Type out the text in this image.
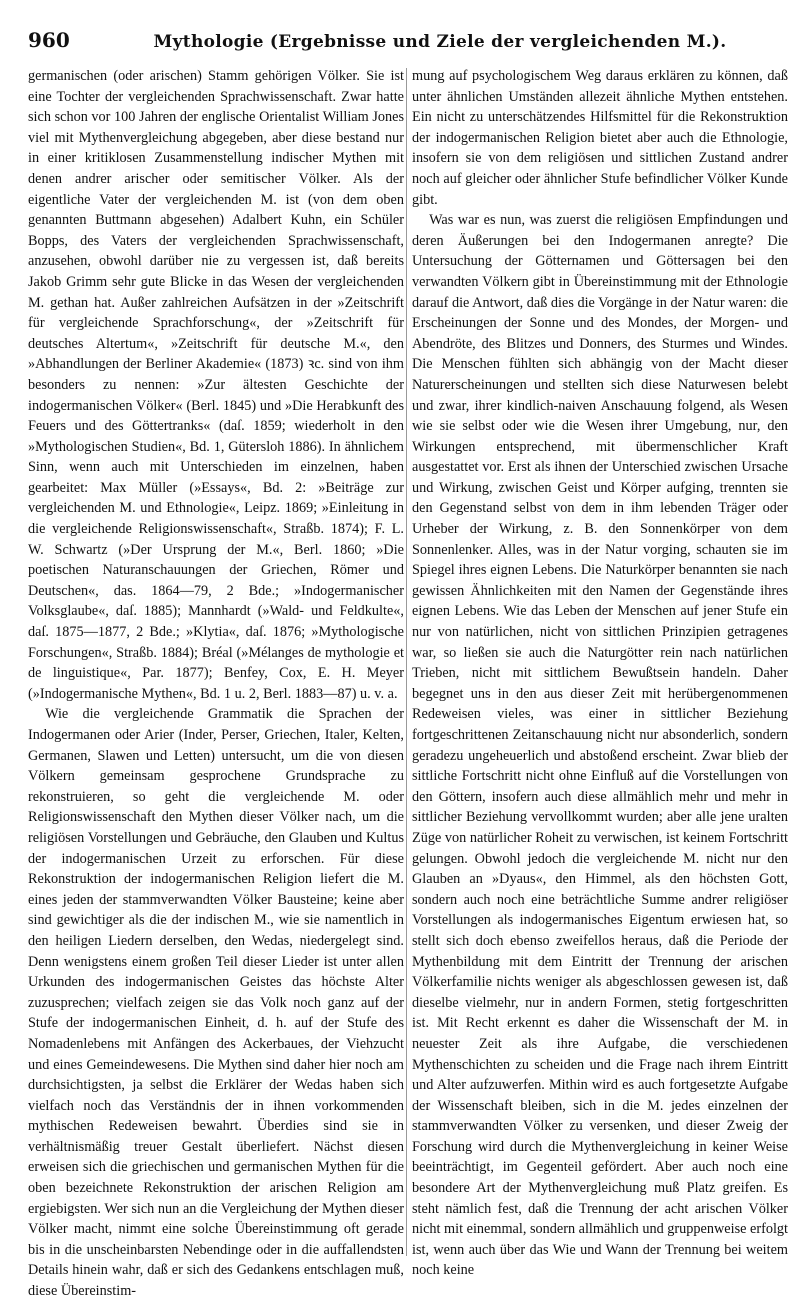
960	Mythologie (Ergebnisse und Ziele der vergleichenden M.).

germanischen (oder arischen) Stamm gehörigen Völker. Sie ist eine Tochter der vergleichenden Sprachwissenschaft. Zwar hatte sich schon vor 100 Jahren der englische Orientalist William Jones viel mit Mythenvergleichung abgegeben, aber diese bestand nur in einer kritiklosen Zusammenstellung indischer Mythen mit denen andrer arischer oder semitischer Völker. Als der eigentliche Vater der vergleichenden M. ist (von dem oben genannten Buttmann abgesehen) Adalbert Kuhn, ein Schüler Bopps, des Vaters der vergleichenden Sprachwissenschaft, anzusehen, obwohl darüber nie zu vergessen ist, daß bereits Jakob Grimm sehr gute Blicke in das Wesen der vergleichenden M. gethan hat. Außer zahlreichen Aufsätzen in der »Zeitschrift für vergleichende Sprachforschung«, der »Zeitschrift für deutsches Altertum«, »Zeitschrift für deutsche M.«, den »Abhandlungen der Berliner Akademie« (1873) ꝛc. sind von ihm besonders zu nennen: »Zur ältesten Geschichte der indogermanischen Völker« (Berl. 1845) und »Die Herabkunft des Feuers und des Göttertranks« (daſ. 1859; wiederholt in den »Mythologischen Studien«, Bd. 1, Gütersloh 1886). In ähnlichem Sinn, wenn auch mit Unterschieden im einzelnen, haben gearbeitet: Max Müller (»Essays«, Bd. 2: »Beiträge zur vergleichenden M. und Ethnologie«, Leipz. 1869; »Einleitung in die vergleichende Religionswissenschaft«, Straßb. 1874); F. L. W. Schwartz (»Der Ursprung der M.«, Berl. 1860; »Die poetischen Naturanschauungen der Griechen, Römer und Deutschen«, das. 1864—79, 2 Bde.; »Indogermanischer Volksglaube«, daſ. 1885); Mannhardt (»Wald- und Feldkulte«, daſ. 1875—1877, 2 Bde.; »Klytia«, daſ. 1876; »Mythologische Forschungen«, Straßb. 1884); Bréal (»Mélanges de mythologie et de linguistique«, Par. 1877); Benfey, Cox, E. H. Meyer (»Indogermanische Mythen«, Bd. 1 u. 2, Berl. 1883—87) u. v. a.

Wie die vergleichende Grammatik die Sprachen der Indogermanen oder Arier (Inder, Perser, Griechen, Italer, Kelten, Germanen, Slawen und Letten) untersucht, um die von diesen Völkern gemeinsam gesprochene Grundsprache zu rekonstruieren, so geht die vergleichende M. oder Religionswissenschaft den Mythen dieser Völker nach, um die religiösen Vorstellungen und Gebräuche, den Glauben und Kultus der indogermanischen Urzeit zu erforschen. Für diese Rekonstruktion der indogermanischen Religion liefert die M. eines jeden der stammverwandten Völker Bausteine; keine aber sind gewichtiger als die der indischen M., wie sie namentlich in den heiligen Liedern derselben, den Wedas, niedergelegt sind. Denn wenigstens einem großen Teil dieser Lieder ist unter allen Urkunden des indogermanischen Geistes das höchste Alter zuzusprechen; vielfach zeigen sie das Volk noch ganz auf der Stufe der indogermanischen Einheit, d. h. auf der Stufe des Nomadenlebens mit Anfängen des Ackerbaues, der Viehzucht und eines Gemeindewesens. Die Mythen sind daher hier noch am durchsichtigsten, ja selbst die Erklärer der Wedas haben sich vielfach noch das Verständnis der in ihnen vorkommenden mythischen Redeweisen bewahrt. Überdies sind sie in verhältnismäßig treuer Gestalt überliefert. Nächst diesen erweisen sich die griechischen und germanischen Mythen für die oben bezeichnete Rekonstruktion der arischen Religion am ergiebigsten. Wer sich nun an die Vergleichung der Mythen dieser Völker macht, nimmt eine solche Übereinstimmung oft gerade bis in die unscheinbarsten Nebendinge oder in die auffallendsten Details hinein wahr, daß er sich des Gedankens entschlagen muß, diese Übereinstim-

mung auf psychologischem Weg daraus erklären zu können, daß unter ähnlichen Umständen allezeit ähnliche Mythen entstehen. Ein nicht zu unterschätzendes Hilfsmittel für die Rekonstruktion der indogermanischen Religion bietet aber auch die Ethnologie, insofern sie von dem religiösen und sittlichen Zustand andrer noch auf gleicher oder ähnlicher Stufe befindlicher Völker Kunde gibt.

Was war es nun, was zuerst die religiösen Empfindungen und deren Äußerungen bei den Indogermanen anregte? Die Untersuchung der Götternamen und Göttersagen bei den verwandten Völkern gibt in Übereinstimmung mit der Ethnologie darauf die Antwort, daß dies die Vorgänge in der Natur waren: die Erscheinungen der Sonne und des Mondes, der Morgen- und Abendröte, des Blitzes und Donners, des Sturmes und Windes. Die Menschen fühlten sich abhängig von der Macht dieser Naturerscheinungen und stellten sich diese Naturwesen belebt und zwar, ihrer kindlich-naiven Anschauung folgend, als Wesen wie sie selbst oder wie die Wesen ihrer Umgebung, nur, den Wirkungen entsprechend, mit übermenschlicher Kraft ausgestattet vor. Erst als ihnen der Unterschied zwischen Ursache und Wirkung, zwischen Geist und Körper aufging, trennten sie den Gegenstand selbst von dem in ihm lebenden Träger oder Urheber der Wirkung, z. B. den Sonnenkörper von dem Sonnenlenker. Alles, was in der Natur vorging, schauten sie im Spiegel ihres eignen Lebens. Die Naturkörper benannten sie nach gewissen Ähnlichkeiten mit den Namen der Gegenstände ihres eignen Lebens. Wie das Leben der Menschen auf jener Stufe ein nur von natürlichen, nicht von sittlichen Prinzipien getragenes war, so ließen sie auch die Naturgötter rein nach natürlichen Trieben, nicht mit sittlichem Bewußtsein handeln. Daher begegnet uns in den aus dieser Zeit mit herübergenommenen Redeweisen vieles, was einer in sittlicher Beziehung fortgeschrittenen Zeitanschauung nicht nur absonderlich, sondern geradezu ungeheuerlich und abstoßend erscheint. Zwar blieb der sittliche Fortschritt nicht ohne Einfluß auf die Vorstellungen von den Göttern, insofern auch diese allmählich mehr und mehr in sittlicher Beziehung vervollkommt wurden; aber alle jene uralten Züge von natürlicher Roheit zu verwischen, ist keinem Fortschritt gelungen. Obwohl jedoch die vergleichende M. nicht nur den Glauben an »Dyaus«, den Himmel, als den höchsten Gott, sondern auch noch eine beträchtliche Summe andrer religiöser Vorstellungen als indogermanisches Eigentum erwiesen hat, so stellt sich doch ebenso zweifellos heraus, daß die Periode der Mythenbildung mit dem Eintritt der Trennung der arischen Völkerfamilie nichts weniger als abgeschlossen gewesen ist, daß dieselbe vielmehr, nur in andern Formen, stetig fortgeschritten ist. Mit Recht erkennt es daher die Wissenschaft der M. in neuester Zeit als ihre Aufgabe, die verschiedenen Mythenschichten zu scheiden und die Frage nach ihrem Eintritt und Alter aufzuwerfen. Mithin wird es auch fortgesetzte Aufgabe der Wissenschaft bleiben, sich in die M. jedes einzelnen der stammverwandten Völker zu versenken, und dieser Zweig der Forschung wird durch die Mythenvergleichung in keiner Weise beeinträchtigt, im Gegenteil gefördert. Aber auch noch eine besondere Art der Mythenvergleichung muß Platz greifen. Es steht nämlich fest, daß die Trennung der acht arischen Völker nicht mit einemmal, sondern allmählich und gruppenweise erfolgt ist, wenn auch über das Wie und Wann der Trennung bei weitem noch keine
